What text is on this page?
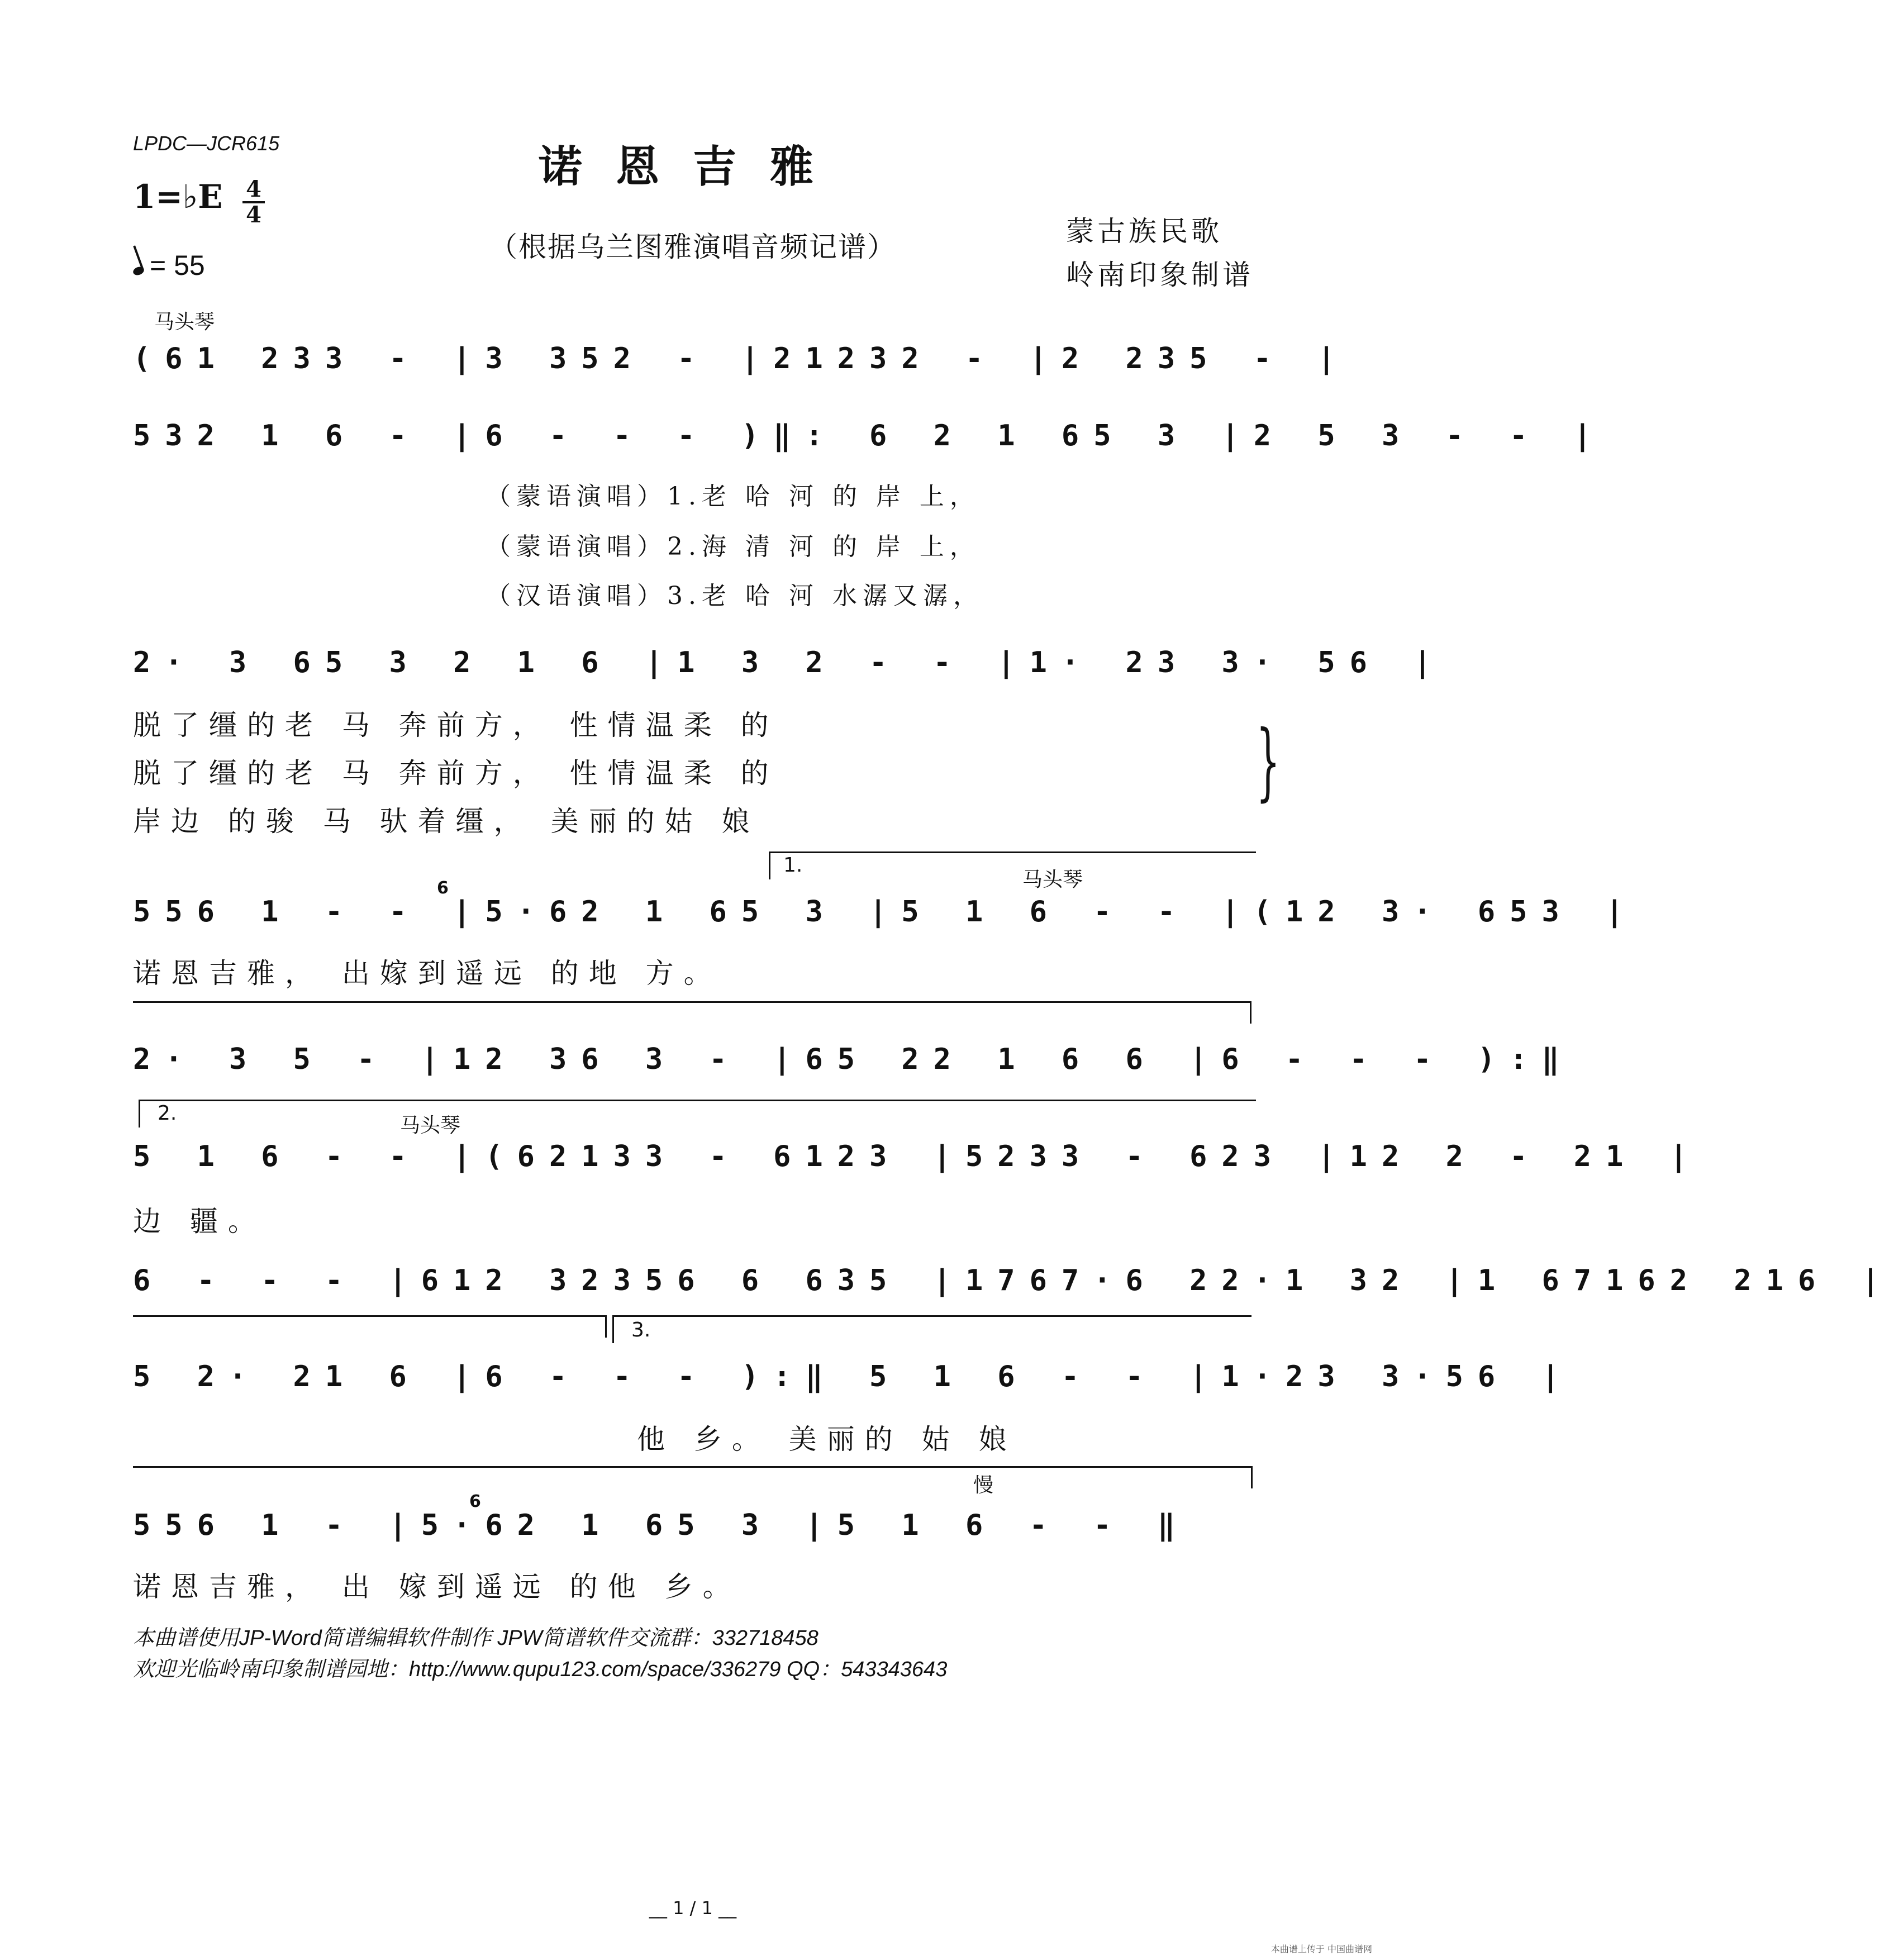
LPDC—JCR615	诺恩吉雅
1=♭E 4
4
= 55
（根据乌兰图雅演唱音频记谱）	蒙古族民歌
岭南印象制谱
马头琴
(61 233 - |3 352 - |21232 - |2 235 - |
532 1 6 - |6 - - - )‖: 6 2 1 65 3 |2 5 3 - - |
（蒙语演唱）1.老 哈 河 的 岸 上，
（蒙语演唱）2.海 清 河 的 岸 上，
（汉语演唱）3.老 哈 河 水潺又潺，
2· 3 65 3 2 1 6 |1 3 2 - - |1· 23 3· 56 |
脱了缰的老 马 奔前方， 性情温柔 的
脱了缰的老 马 奔前方， 性情温柔 的
岸边 的骏 马 驮着缰， 美丽的姑 娘
}
1.
马头琴
6
556 1 - - |5·62 1 65 3 |5 1 6 - - |(12 3· 653 |
诺恩吉雅， 出嫁到遥远 的地 方。
2· 3 5 - |12 36 3 - |65 22 1 6 6 |6 - - - ):‖
2.
马头琴
5 1 6 - - |(62133 - 6123 |5233 - 623 |12 2 - 21 |
边 疆。
6 - - - |612 32356 6 635 |1767·6 22·1 32 |1 67162 216 |
3.
5 2· 21 6 |6 - - - ):‖ 5 1 6 - - |1·23 3·56 |
他 乡。 美丽的 姑 娘
慢
6
556 1 - |5·62 1 65 3 |5 1 6 - - ‖
诺恩吉雅， 出 嫁到遥远 的他 乡。
本曲谱使用JP-Word简谱编辑软件制作 JPW简谱软件交流群：332718458
欢迎光临岭南印象制谱园地：http://www.qupu123.com/space/336279 QQ：543343643
__ 1 / 1 __
本曲谱上传于 中国曲谱网
